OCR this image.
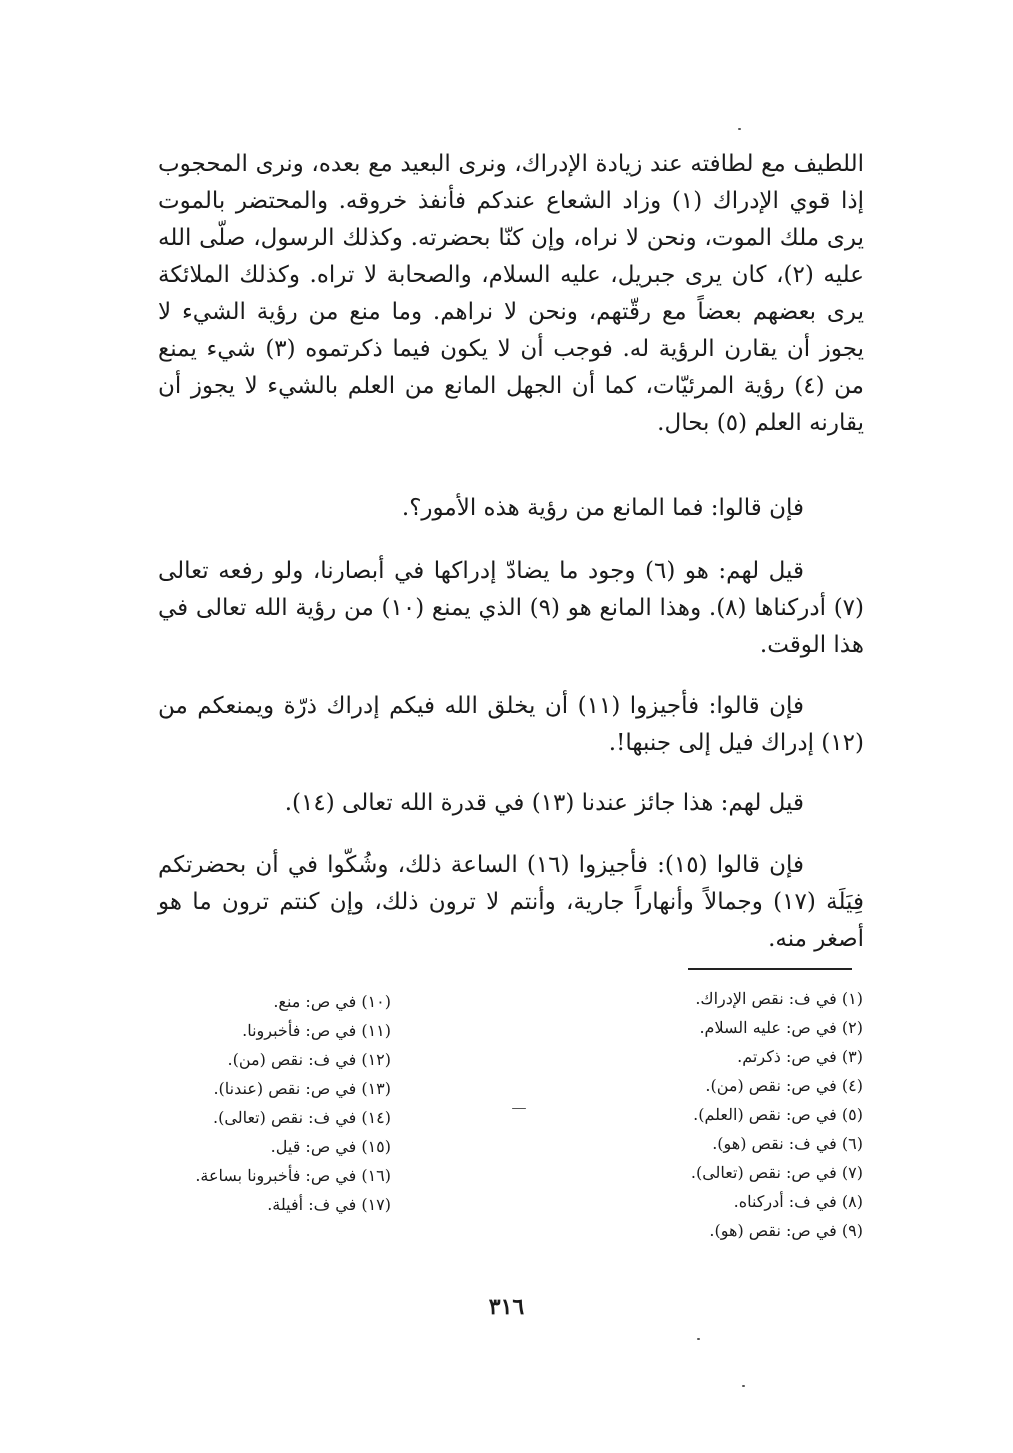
اللطيف مع لطافته عند زيادة الإدراك، ونرى البعيد مع بعده، ونرى المحجوب إذا قوي الإدراك (١) وزاد الشعاع عندكم فأنفذ خروقه. والمحتضر بالموت يرى ملك الموت، ونحن لا نراه، وإن كنّا بحضرته. وكذلك الرسول، صلّى الله عليه (٢)، كان يرى جبريل، عليه السلام، والصحابة لا تراه. وكذلك الملائكة يرى بعضهم بعضاً مع رقّتهم، ونحن لا نراهم. وما منع من رؤية الشيء لا يجوز أن يقارن الرؤية له. فوجب أن لا يكون فيما ذكرتموه (٣) شيء يمنع من (٤) رؤية المرئيّات، كما أن الجهل المانع من العلم بالشيء لا يجوز أن يقارنه العلم (٥) بحال.

فإن قالوا: فما المانع من رؤية هذه الأمور؟.

قيل لهم: هو (٦) وجود ما يضادّ إدراكها في أبصارنا، ولو رفعه تعالى (٧) أدركناها (٨). وهذا المانع هو (٩) الذي يمنع (١٠) من رؤية الله تعالى في هذا الوقت.

فإن قالوا: فأجيزوا (١١) أن يخلق الله فيكم إدراك ذرّة ويمنعكم من (١٢) إدراك فيل إلى جنبها!.

قيل لهم: هذا جائز عندنا (١٣) في قدرة الله تعالى (١٤).

فإن قالوا (١٥): فأجيزوا (١٦) الساعة ذلك، وشُكّوا في أن بحضرتكم فِيَلَة (١٧) وجمالاً وأنهاراً جارية، وأنتم لا ترون ذلك، وإن كنتم ترون ما هو أصغر منه.

(١) في ف: نقص الإدراك.
(٢) في ص: عليه السلام.
(٣) في ص: ذكرتم.
(٤) في ص: نقص (من).
(٥) في ص: نقص (العلم).
(٦) في ف: نقص (هو).
(٧) في ص: نقص (تعالى).
(٨) في ف: أدركناه.
(٩) في ص: نقص (هو).
(١٠) في ص: منع.
(١١) في ص: فأخبرونا.
(١٢) في ف: نقص (من).
(١٣) في ص: نقص (عندنا).
(١٤) في ف: نقص (تعالى).
(١٥) في ص: قيل.
(١٦) في ص: فأخبرونا بساعة.
(١٧) في ف: أفيلة.
٣١٦
